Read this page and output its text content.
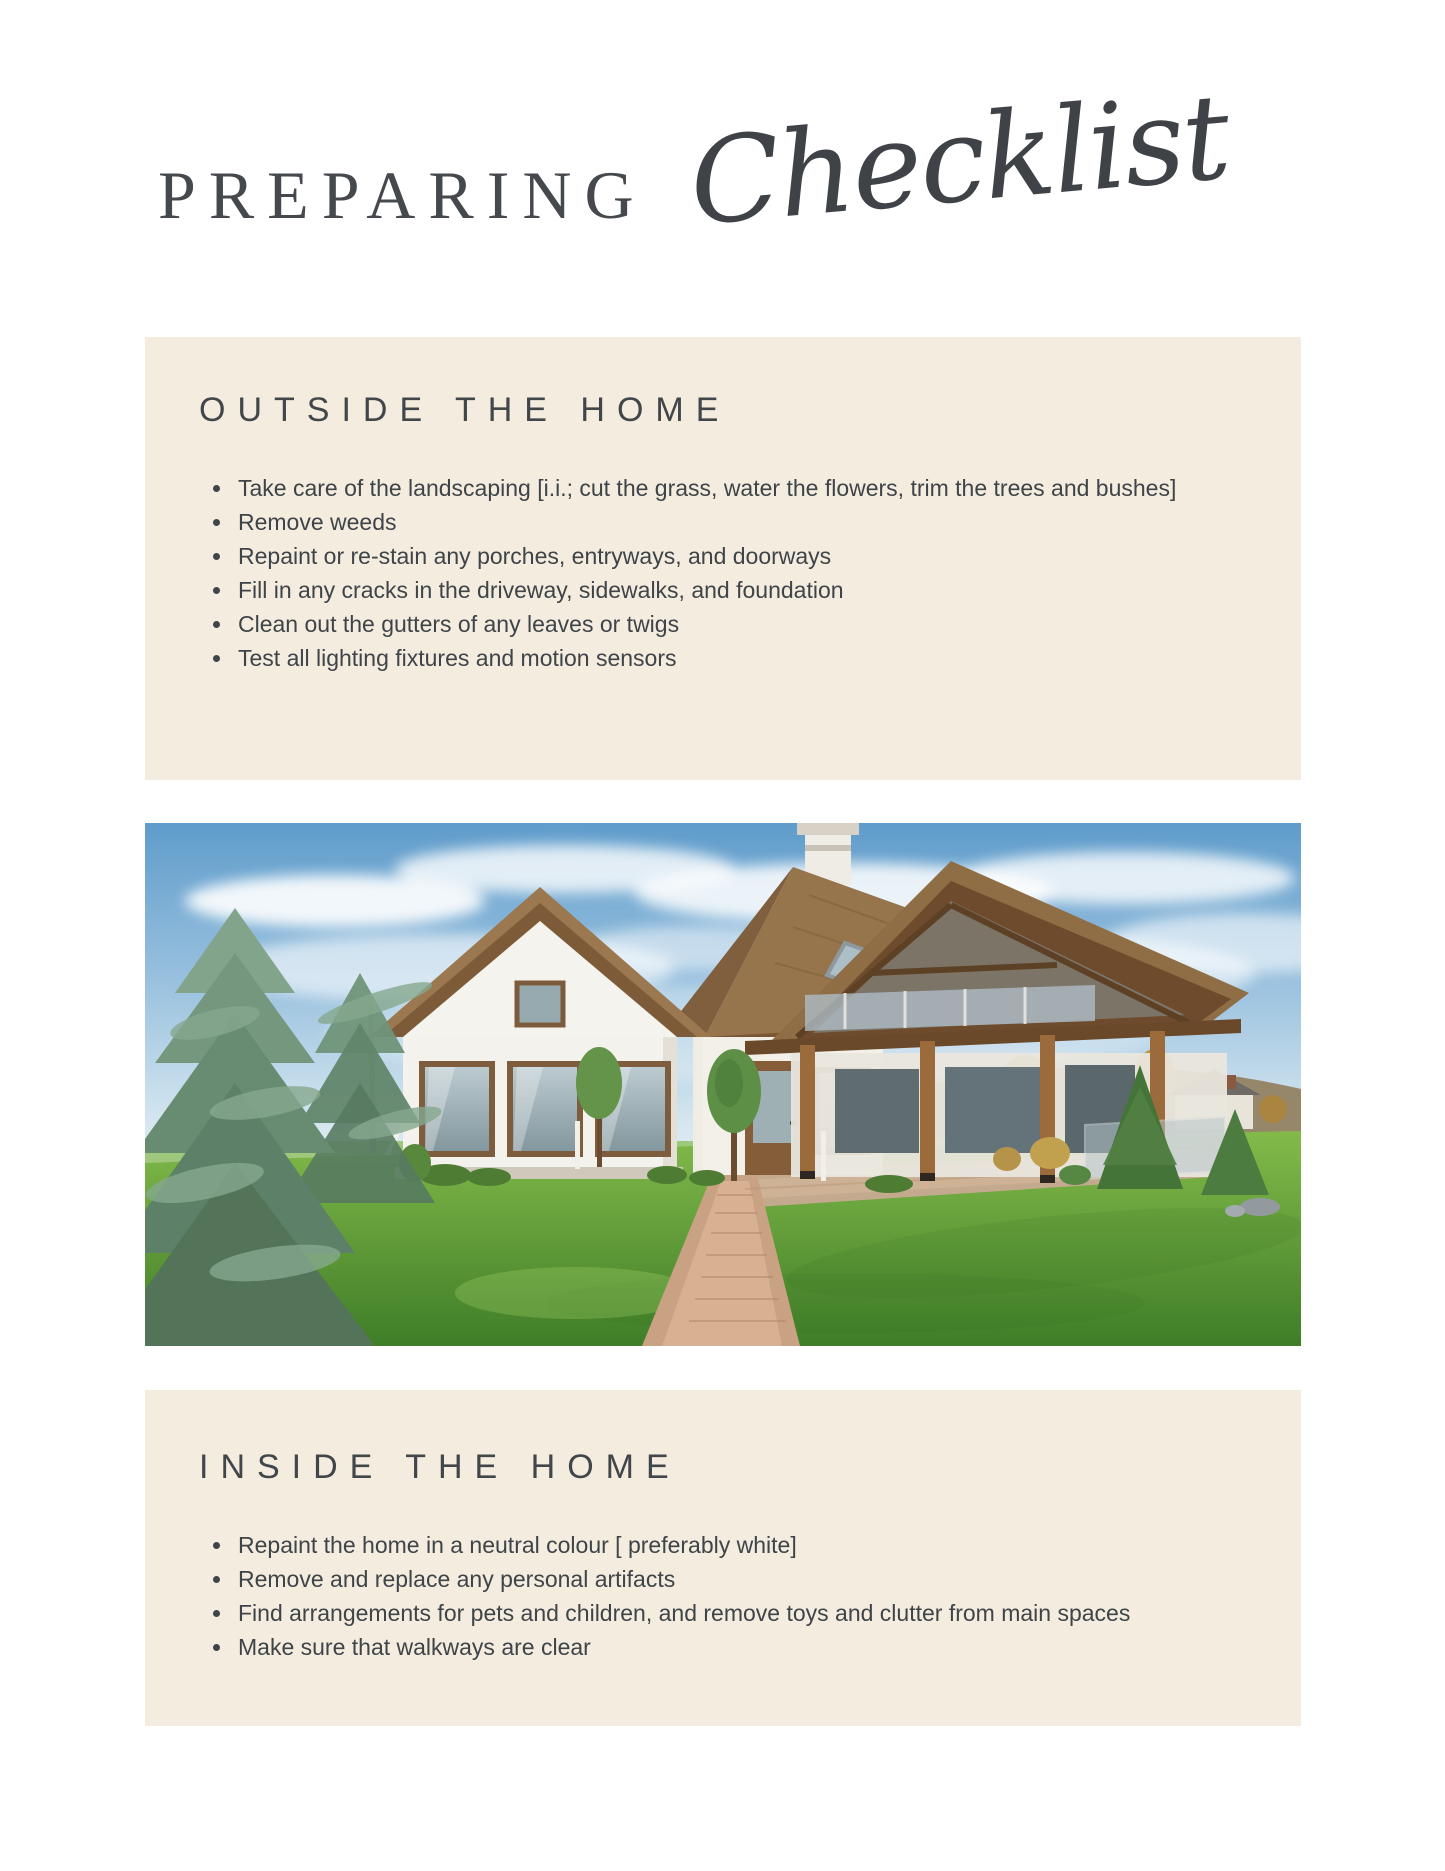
PREPARING Checklist
OUTSIDE THE HOME
Take care of the landscaping [i.i.; cut the grass, water the flowers, trim the trees and bushes]
Remove weeds
Repaint or re-stain any porches, entryways, and doorways
Fill in any cracks in the driveway, sidewalks, and foundation
Clean out the gutters of any leaves or twigs
Test all lighting fixtures and motion sensors
INSIDE THE HOME
Repaint the home in a neutral colour [ preferably white]
Remove and replace any personal artifacts
Find arrangements for pets and children, and remove toys and clutter from main spaces
Make sure that walkways are clear
